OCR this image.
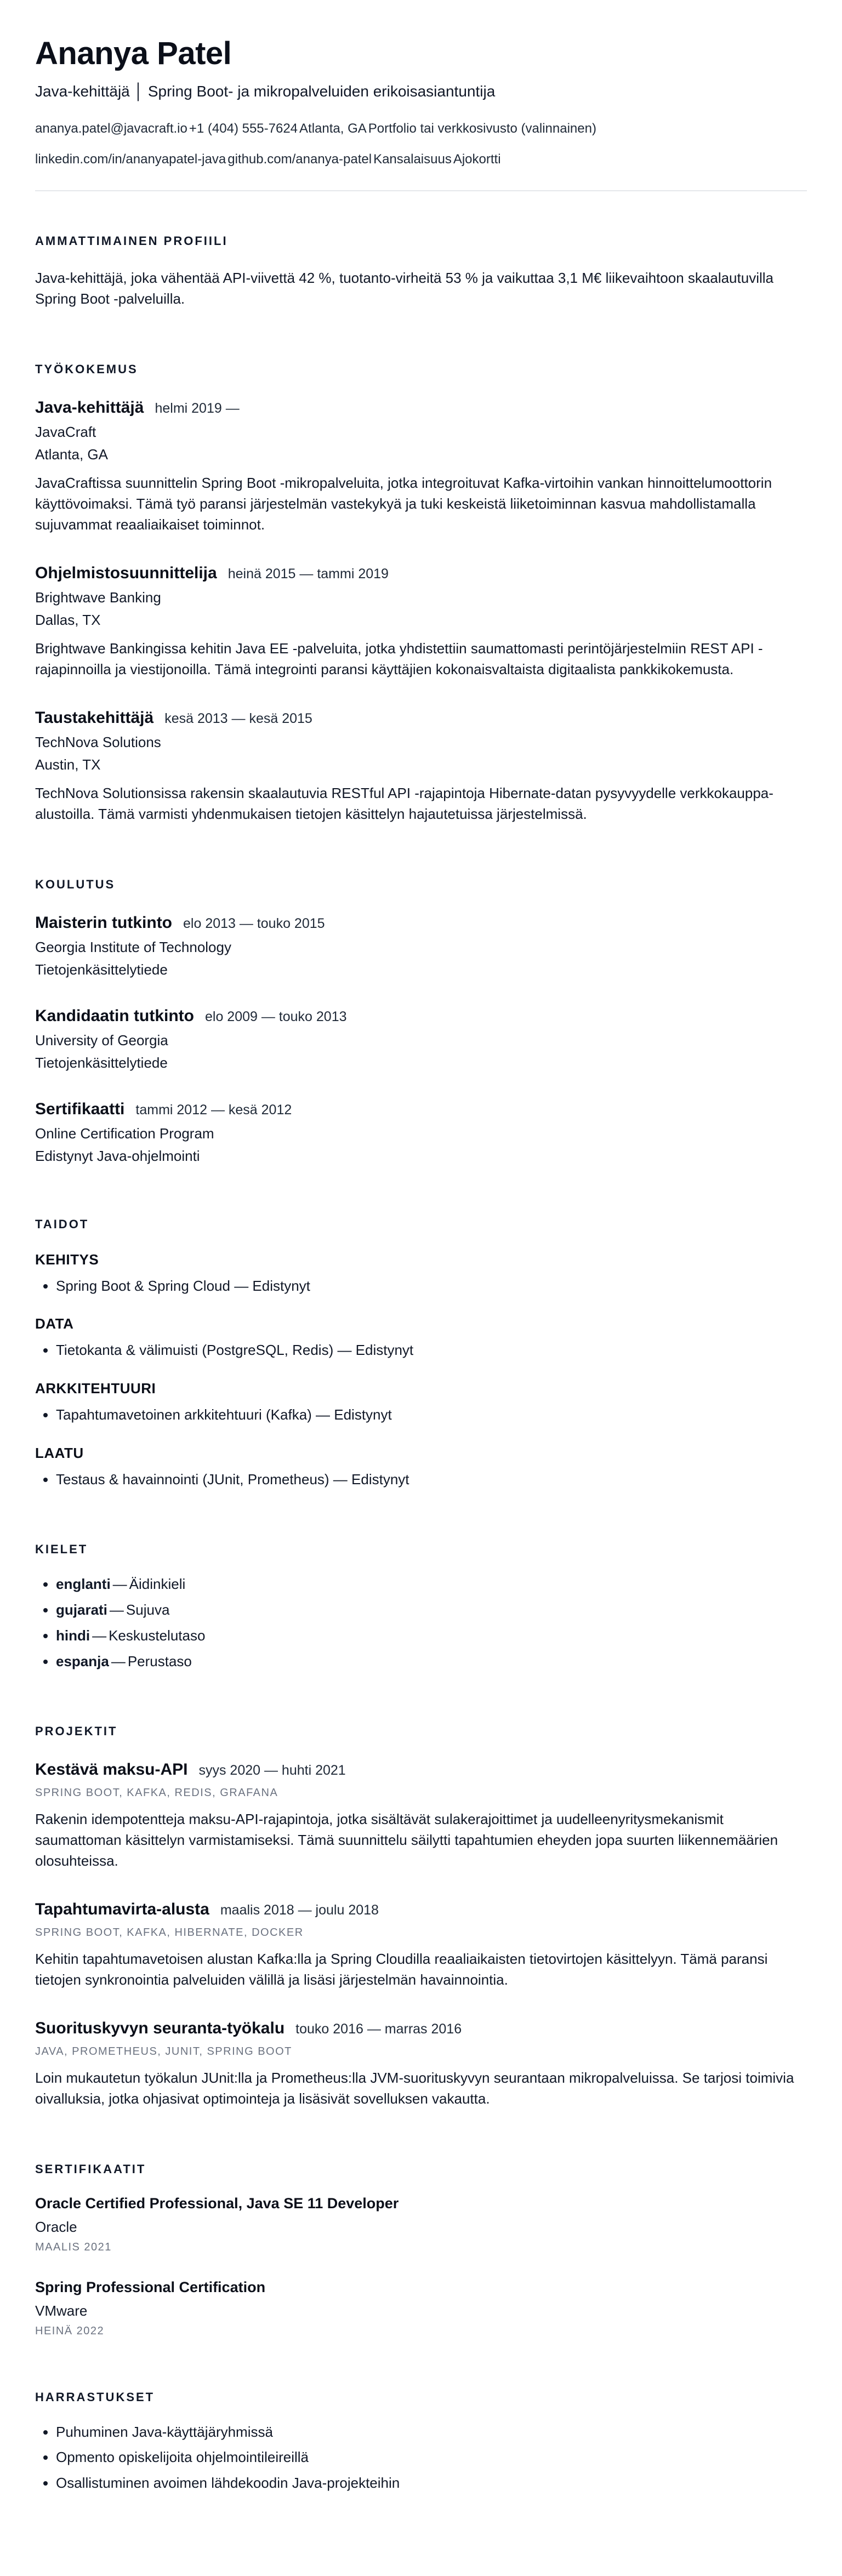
Ananya Patel
Java-kehittäjä │ Spring Boot- ja mikropalveluiden erikoisasiantuntija
ananya.patel@javacraft.io +1 (404) 555-7624 Atlanta, GA Portfolio tai verkkosivusto (valinnainen)
linkedin.com/in/ananyapatel-java github.com/ananya-patel Kansalaisuus Ajokortti
AMMATTIMAINEN PROFIILI

Java-kehittäjä, joka vähentää API-viivettä 42 %, tuotanto-virheitä 53 % ja vaikuttaa 3,1 M€ liikevaihtoon skaalautuvilla Spring Boot -palveluilla.

TYÖKOKEMUS
Java-kehittäjä helmi 2019 —
JavaCraft
Atlanta, GA

JavaCraftissa suunnittelin Spring Boot -mikropalveluita, jotka integroituvat Kafka-virtoihin vankan hinnoittelumoottorin käyttövoimaksi. Tämä työ paransi järjestelmän vastekykyä ja tuki keskeistä liiketoiminnan kasvua mahdollistamalla sujuvammat reaaliaikaiset toiminnot.

Ohjelmistosuunnittelija heinä 2015 — tammi 2019
Brightwave Banking
Dallas, TX

Brightwave Bankingissa kehitin Java EE -palveluita, jotka yhdistettiin saumattomasti perintöjärjestelmiin REST API -rajapinnoilla ja viestijonoilla. Tämä integrointi paransi käyttäjien kokonaisvaltaista digitaalista pankkikokemusta.

Taustakehittäjä kesä 2013 — kesä 2015
TechNova Solutions
Austin, TX

TechNova Solutionsissa rakensin skaalautuvia RESTful API -rajapintoja Hibernate-datan pysyvyydelle verkkokauppa-alustoilla. Tämä varmisti yhdenmukaisen tietojen käsittelyn hajautetuissa järjestelmissä.

KOULUTUS
Maisterin tutkinto elo 2013 — touko 2015
Georgia Institute of Technology
Tietojenkäsittelytiede
Kandidaatin tutkinto elo 2009 — touko 2013
University of Georgia
Tietojenkäsittelytiede
Sertifikaatti tammi 2012 — kesä 2012
Online Certification Program
Edistynyt Java-ohjelmointi
TAIDOT
KEHITYS
• Spring Boot & Spring Cloud — Edistynyt
DATA
• Tietokanta & välimuisti (PostgreSQL, Redis) — Edistynyt
ARKKITEHTUURI
• Tapahtumavetoinen arkkitehtuuri (Kafka) — Edistynyt
LAATU
• Testaus & havainnointi (JUnit, Prometheus) — Edistynyt
KIELET
• englanti — Äidinkieli
• gujarati — Sujuva
• hindi — Keskustelutaso
• espanja — Perustaso
PROJEKTIT
Kestävä maksu-API syys 2020 — huhti 2021
SPRING BOOT, KAFKA, REDIS, GRAFANA

Rakenin idempotentteja maksu-API-rajapintoja, jotka sisältävät sulakerajoittimet ja uudelleenyritysmekanismit saumattoman käsittelyn varmistamiseksi. Tämä suunnittelu säilytti tapahtumien eheyden jopa suurten liikennemäärien olosuhteissa.

Tapahtumavirta-alusta maalis 2018 — joulu 2018
SPRING BOOT, KAFKA, HIBERNATE, DOCKER

Kehitin tapahtumavetoisen alustan Kafka:lla ja Spring Cloudilla reaaliaikaisten tietovirtojen käsittelyyn. Tämä paransi tietojen synkronointia palveluiden välillä ja lisäsi järjestelmän havainnointia.

Suorituskyvyn seuranta-työkalu touko 2016 — marras 2016
JAVA, PROMETHEUS, JUNIT, SPRING BOOT

Loin mukautetun työkalun JUnit:lla ja Prometheus:lla JVM-suorituskyvyn seurantaan mikropalveluissa. Se tarjosi toimivia oivalluksia, jotka ohjasivat optimointeja ja lisäsivät sovelluksen vakautta.

SERTIFIKAATIT
Oracle Certified Professional, Java SE 11 Developer
Oracle
MAALIS 2021
Spring Professional Certification
VMware
HEINÄ 2022
HARRASTUKSET
• Puhuminen Java-käyttäjäryhmissä
• Opmento opiskelijoita ohjelmointileireillä
• Osallistuminen avoimen lähdekoodin Java-projekteihin
